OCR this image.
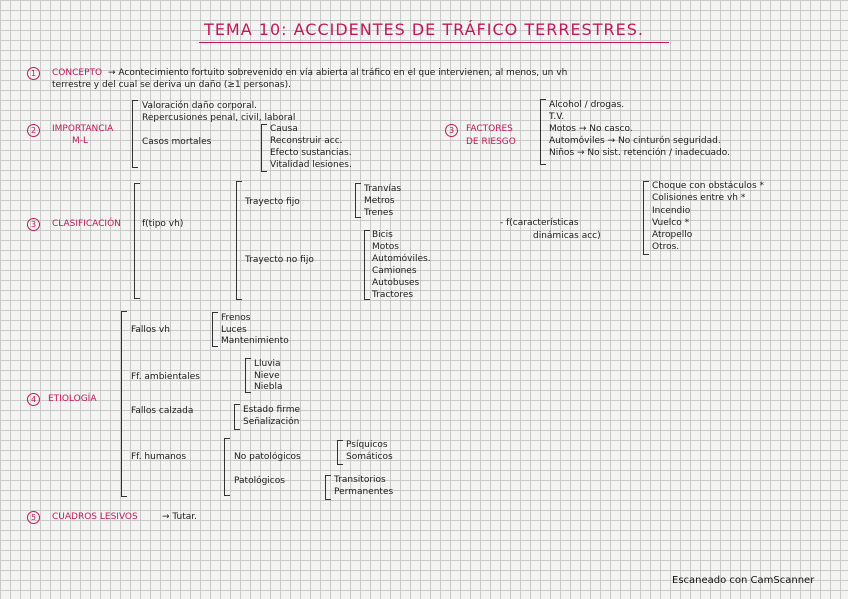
TEMA 10: ACCIDENTES DE TRÁFICO TERRESTRES.
1	CONCEPTO → Acontecimiento fortuito sobrevenido en vía abierta al tráfico en el que intervienen, al menos, un vh
terrestre y del cual se deriva un daño (≥1 personas).
2	IMPORTANCIA
M-L
Valoración daño corporal.
Repercusiones penal, civil, laboral
Casos mortales
Causa
Reconstruir acc.
Efecto sustancias.
Vitalidad lesiones.
3	FACTORES
DE RIESGO
Alcohol / drogas.
T.V.
Motos → No casco.
Automóviles → No cinturón seguridad.
Niños → No sist. retención / inadecuado.
3	CLASIFICACIÓN f(tipo vh)
Trayecto fijo
Tranvías
Metros
Trenes
Trayecto no fijo
Bicis
Motos
Automóviles.
Camiones
Autobuses
Tractores
- f(características
dinámicas acc)
Choque con obstáculos *
Colisiones entre vh *
Incendio
Vuelco *
Atropello
Otros.
4	ETIOLOGÍA
Fallos vh
Frenos
Luces
Mantenimiento
Ff. ambientales
Lluvia
Nieve
Niebla
Fallos calzada	Estado firme
Señalización
Ff. humanos	No patológicos
Psíquicos
Somáticos
Patológicos	Transitorios
Permanentes
5	CUADROS LESIVOS	→ Tutar.
Escaneado con CamScanner
